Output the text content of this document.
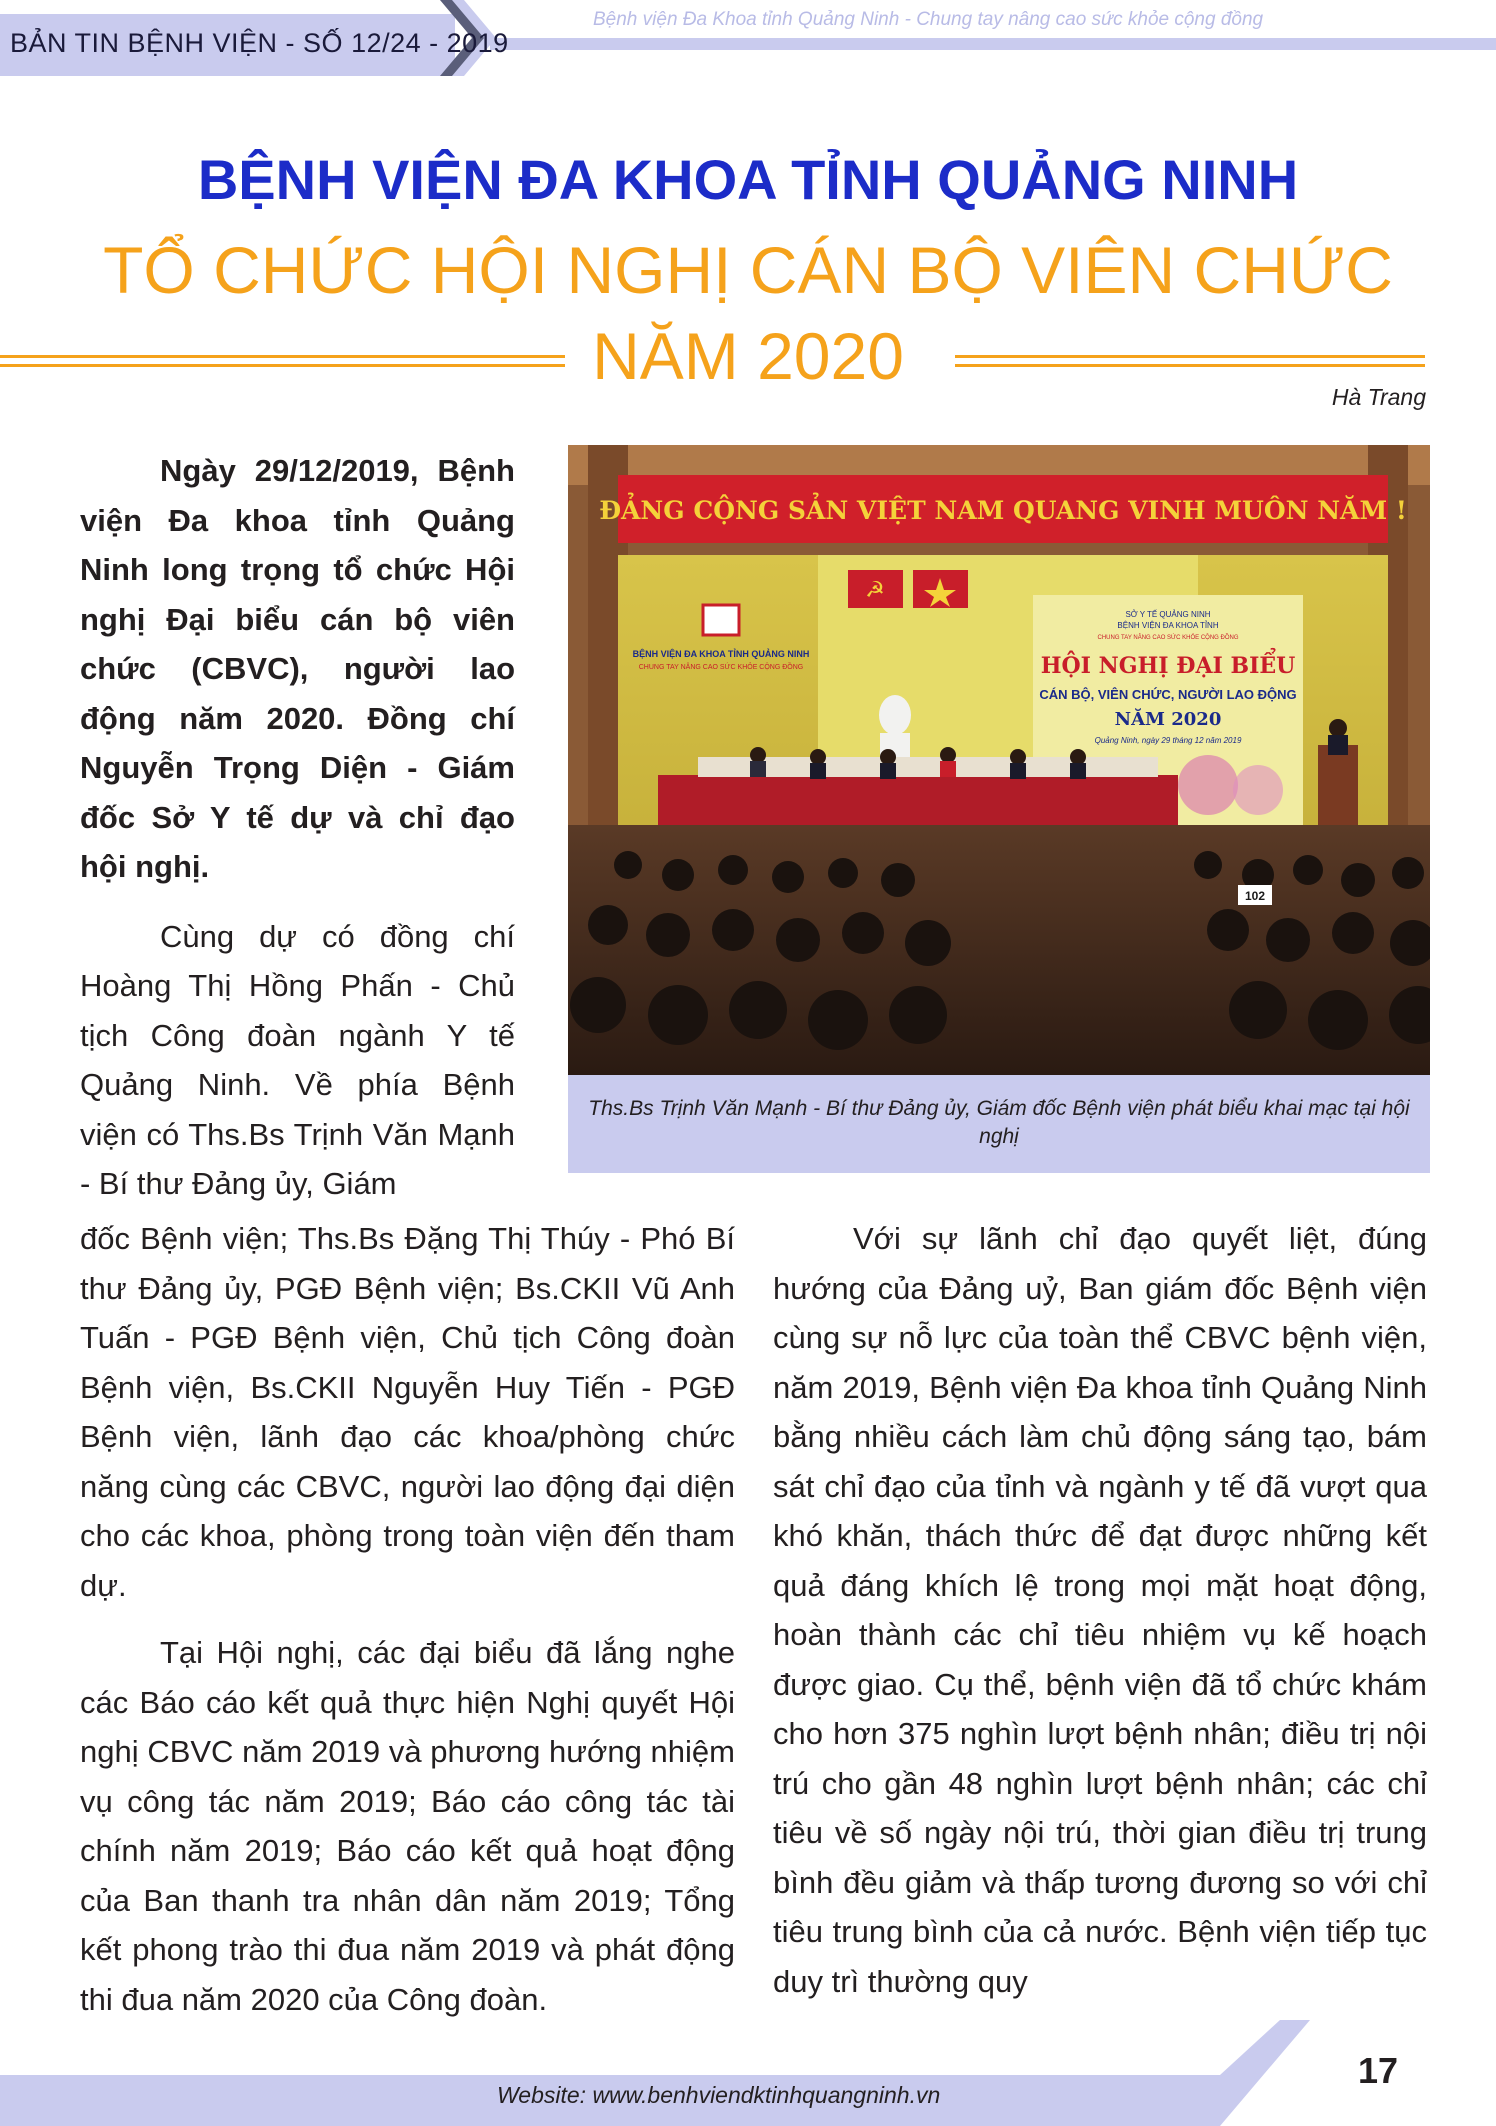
BẢN TIN BỆNH VIỆN - SỐ 12/24 - 2019
Bệnh viện Đa Khoa tỉnh Quảng Ninh - Chung tay nâng cao sức khỏe cộng đồng
BỆNH VIỆN ĐA KHOA TỈNH QUẢNG NINH
TỔ CHỨC HỘI NGHỊ CÁN BỘ VIÊN CHỨC
NĂM 2020
Hà Trang

Ngày 29/12/2019, Bệnh viện Đa khoa tỉnh Quảng Ninh long trọng tổ chức Hội nghị Đại biểu cán bộ viên chức (CBVC), người lao động năm 2020. Đồng chí Nguyễn Trọng Diện - Giám đốc Sở Y tế dự và chỉ đạo hội nghị.

Cùng dự có đồng chí Hoàng Thị Hồng Phấn - Chủ tịch Công đoàn ngành Y tế Quảng Ninh. Về phía Bệnh viện có Ths.Bs Trịnh Văn Mạnh - Bí thư Đảng ủy, Giám

đốc Bệnh viện; Ths.Bs Đặng Thị Thúy - Phó Bí thư Đảng ủy, PGĐ Bệnh viện; Bs.CKII Vũ Anh Tuấn - PGĐ Bệnh viện, Chủ tịch Công đoàn Bệnh viện, Bs.CKII Nguyễn Huy Tiến - PGĐ Bệnh viện, lãnh đạo các khoa/phòng chức năng cùng các CBVC, người lao động đại diện cho các khoa, phòng trong toàn viện đến tham dự.

Tại Hội nghị, các đại biểu đã lắng nghe các Báo cáo kết quả thực hiện Nghị quyết Hội nghị CBVC năm 2019 và phương hướng nhiệm vụ công tác năm 2019; Báo cáo công tác tài chính năm 2019; Báo cáo kết quả hoạt động của Ban thanh tra nhân dân năm 2019; Tổng kết phong trào thi đua năm 2019 và phát động thi đua năm 2020 của Công đoàn.

Với sự lãnh chỉ đạo quyết liệt, đúng hướng của Đảng uỷ, Ban giám đốc Bệnh viện cùng sự nỗ lực của toàn thể CBVC bệnh viện, năm 2019, Bệnh viện Đa khoa tỉnh Quảng Ninh bằng nhiều cách làm chủ động sáng tạo, bám sát chỉ đạo của tỉnh và ngành y tế đã vượt qua khó khăn, thách thức để đạt được những kết quả đáng khích lệ trong mọi mặt hoạt động, hoàn thành các chỉ tiêu nhiệm vụ kế hoạch được giao. Cụ thể, bệnh viện đã tổ chức khám cho hơn 375 nghìn lượt bệnh nhân; điều trị nội trú cho gần 48 nghìn lượt bệnh nhân; các chỉ tiêu về số ngày nội trú, thời gian điều trị trung bình đều giảm và thấp tương đương so với chỉ tiêu trung bình của cả nước. Bệnh viện tiếp tục duy trì thường quy

ĐẢNG CỘNG SẢN VIỆT NAM QUANG VINH MUÔN NĂM !
☭
BỆNH VIỆN ĐA KHOA TỈNH QUẢNG NINH
CHUNG TAY NÂNG CAO SỨC KHỎE CỘNG ĐỒNG
SỞ Y TẾ QUẢNG NINH
BỆNH VIỆN ĐA KHOA TỈNH
CHUNG TAY NÂNG CAO SỨC KHỎE CỘNG ĐỒNG
HỘI NGHỊ ĐẠI BIỂU
CÁN BỘ, VIÊN CHỨC, NGƯỜI LAO ĐỘNG
NĂM 2020
Quảng Ninh, ngày 29 tháng 12 năm 2019
102
Ths.Bs Trịnh Văn Mạnh - Bí thư Đảng ủy, Giám đốc Bệnh viện phát biểu khai mạc tại hội nghị
17
Website: www.benhviendktinhquangninh.vn
